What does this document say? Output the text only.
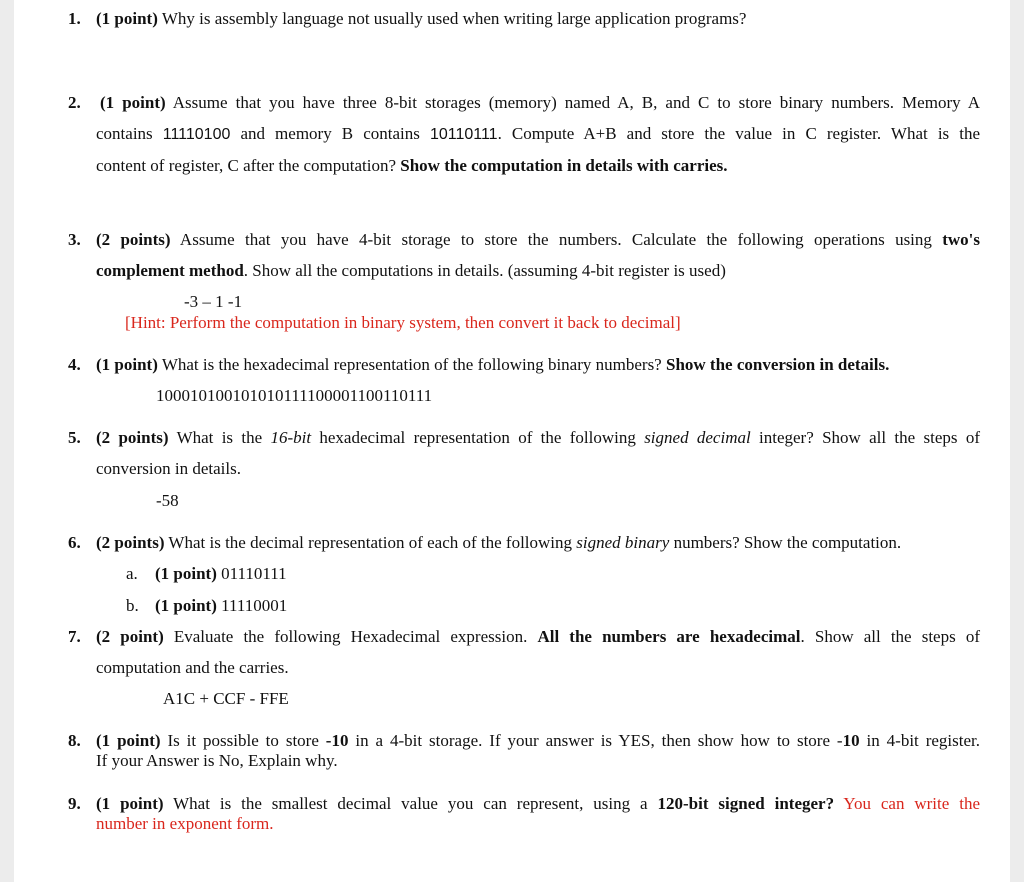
1. (1 point) Why is assembly language not usually used when writing large application programs?
2. (1 point) Assume that you have three 8-bit storages (memory) named A, B, and C to store binary numbers. Memory A
contains 11110100 and memory B contains 10110111. Compute A+B and store the value in C register. What is the
content of register, C after the computation? Show the computation in details with carries.
3. (2 points) Assume that you have 4-bit storage to store the numbers. Calculate the following operations using two's
complement method. Show all the computations in details. (assuming 4-bit register is used)
-3 – 1 -1
[Hint: Perform the computation in binary system, then convert it back to decimal]
4. (1 point) What is the hexadecimal representation of the following binary numbers? Show the conversion in details.
100010100101010111100001100110111
5. (2 points) What is the 16-bit hexadecimal representation of the following signed decimal integer? Show all the steps of
conversion in details.
-58
6. (2 points) What is the decimal representation of each of the following signed binary numbers? Show the computation.
a. (1 point) 01110111
b. (1 point) 11110001
7. (2 point) Evaluate the following Hexadecimal expression. All the numbers are hexadecimal. Show all the steps of
computation and the carries.
A1C + CCF - FFE
8. (1 point) Is it possible to store -10 in a 4-bit storage. If your answer is YES, then show how to store -10 in 4-bit register.
If your Answer is No, Explain why.
9. (1 point) What is the smallest decimal value you can represent, using a 120-bit signed integer? You can write the
number in exponent form.
